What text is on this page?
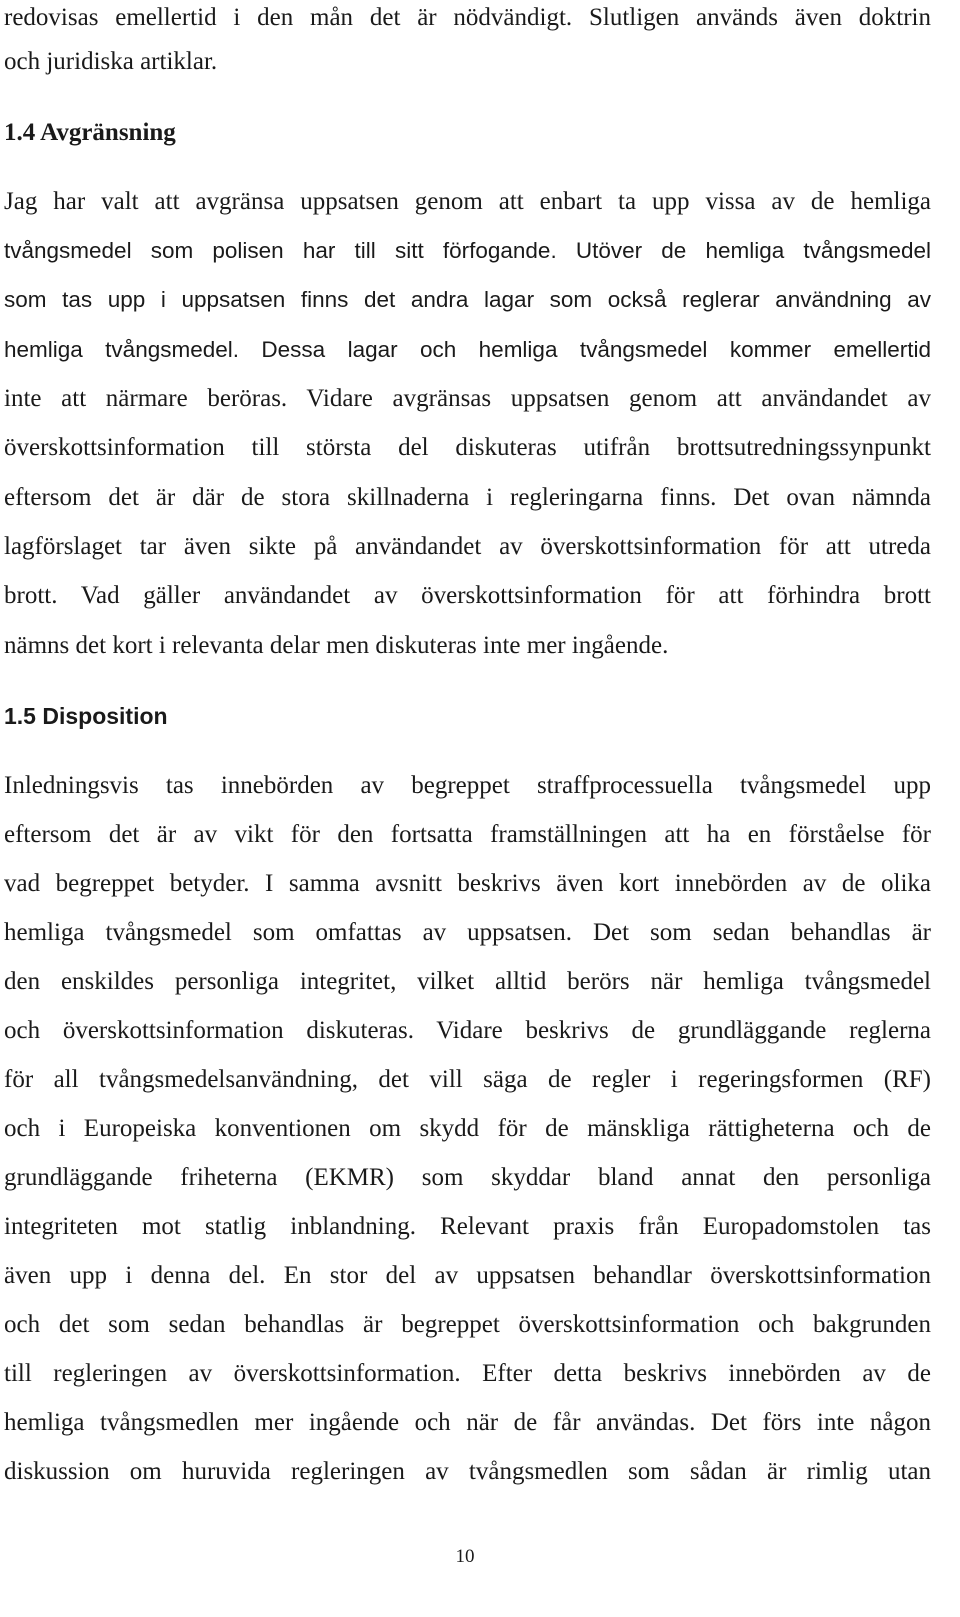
redovisas emellertid i den mån det är nödvändigt. Slutligen används även doktrin

och juridiska artiklar.

1.4 Avgränsning

Jag har valt att avgränsa uppsatsen genom att enbart ta upp vissa av de hemliga

tvångsmedel som polisen har till sitt förfogande. Utöver de hemliga tvångsmedel

som tas upp i uppsatsen finns det andra lagar som också reglerar användning av

hemliga tvångsmedel. Dessa lagar och hemliga tvångsmedel kommer emellertid

inte att närmare beröras. Vidare avgränsas uppsatsen genom att användandet av

överskottsinformation till största del diskuteras utifrån brottsutredningssynpunkt

eftersom det är där de stora skillnaderna i regleringarna finns. Det ovan nämnda

lagförslaget tar även sikte på användandet av överskottsinformation för att utreda

brott. Vad gäller användandet av överskottsinformation för att förhindra brott

nämns det kort i relevanta delar men diskuteras inte mer ingående.

1.5 Disposition

Inledningsvis tas innebörden av begreppet straffprocessuella tvångsmedel upp

eftersom det är av vikt för den fortsatta framställningen att ha en förståelse för

vad begreppet betyder. I samma avsnitt beskrivs även kort innebörden av de olika

hemliga tvångsmedel som omfattas av uppsatsen. Det som sedan behandlas är

den enskildes personliga integritet, vilket alltid berörs när hemliga tvångsmedel

och överskottsinformation diskuteras. Vidare beskrivs de grundläggande reglerna

för all tvångsmedelsanvändning, det vill säga de regler i regeringsformen (RF)

och i Europeiska konventionen om skydd för de mänskliga rättigheterna och de

grundläggande friheterna (EKMR) som skyddar bland annat den personliga

integriteten mot statlig inblandning. Relevant praxis från Europadomstolen tas

även upp i denna del. En stor del av uppsatsen behandlar överskottsinformation

och det som sedan behandlas är begreppet överskottsinformation och bakgrunden

till regleringen av överskottsinformation. Efter detta beskrivs innebörden av de

hemliga tvångsmedlen mer ingående och när de får användas. Det förs inte någon

diskussion om huruvida regleringen av tvångsmedlen som sådan är rimlig utan

10
